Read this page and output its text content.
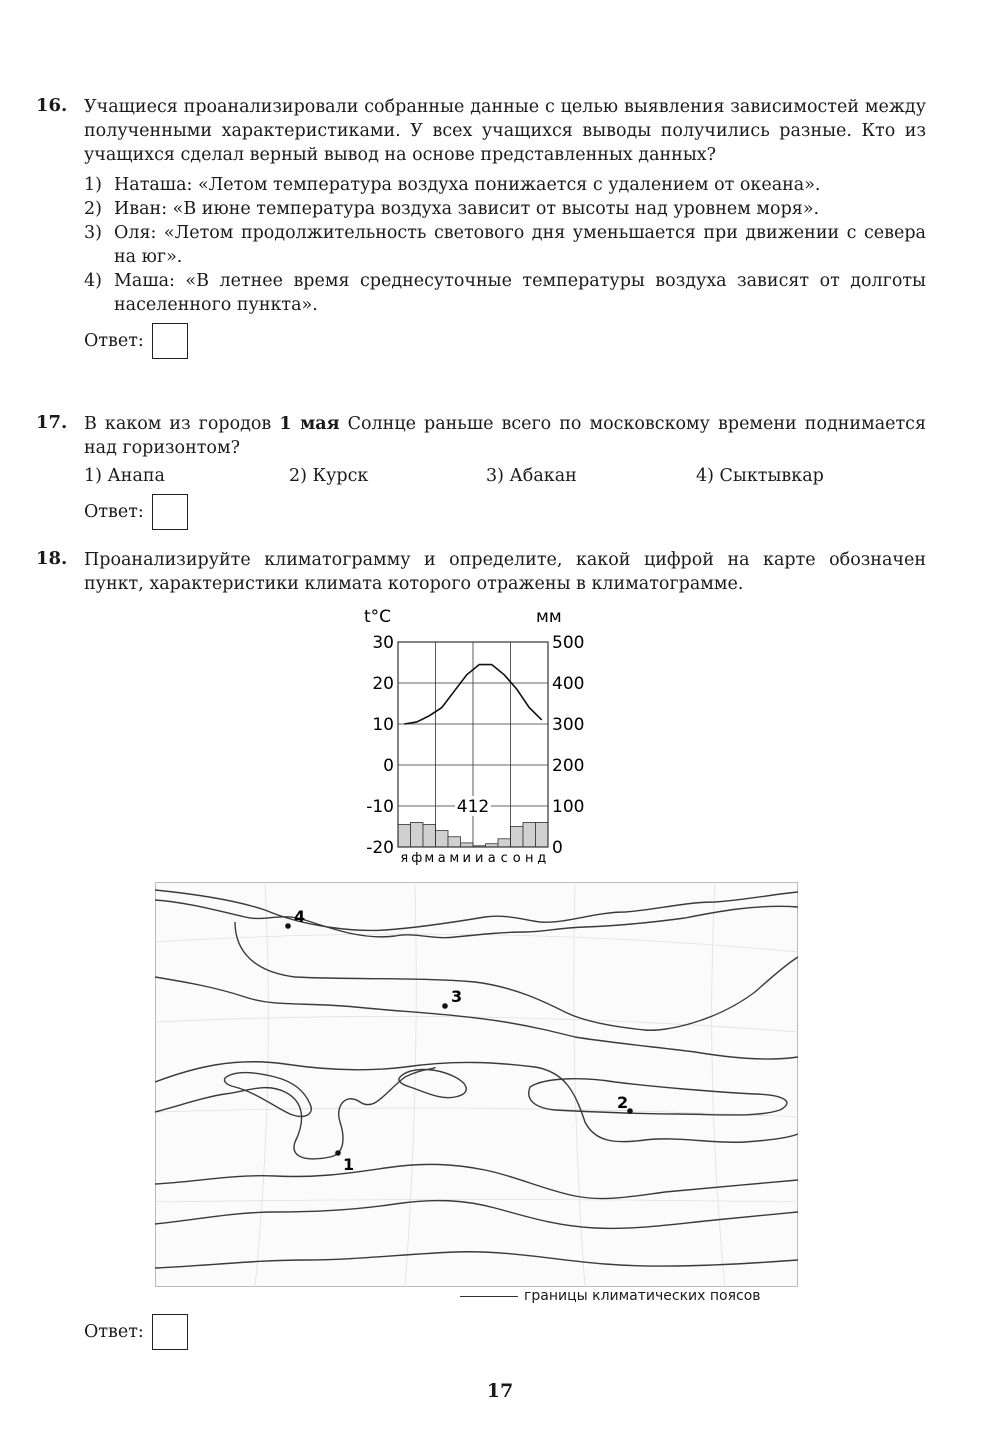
16. Учащиеся проанализировали собранные данные с целью выявления зависимостей между полученными характеристиками. У всех учащихся выводы получились разные. Кто из учащихся сделал верный вывод на основе представленных данных?

1) Наташа: «Летом температура воздуха понижается с удалением от океана».
2) Иван: «В июне температура воздуха зависит от высоты над уровнем моря».
3) Оля: «Летом продолжительность светового дня уменьшается при движении с севера на юг».
4) Маша: «В летнее время среднесуточные температуры воздуха зависят от долготы населенного пункта».
Ответ:
17. В каком из городов 1 мая Солнце раньше всего по московскому времени поднимается над горизонтом?

1) Анапа	2) Курск	3) Абакан	4) Сыктывкар
Ответ:
18. Проанализируйте климатограмму и определите, какой цифрой на карте обозначен пункт, характеристики климата которого отражены в климатограмме.

30
20
10
0
-10
-20
500
400
300
200
100
0
t°C	мм
412
я ф м а м и и а с о н д
1
2
3
4
границы климатических поясов
Ответ:
17
